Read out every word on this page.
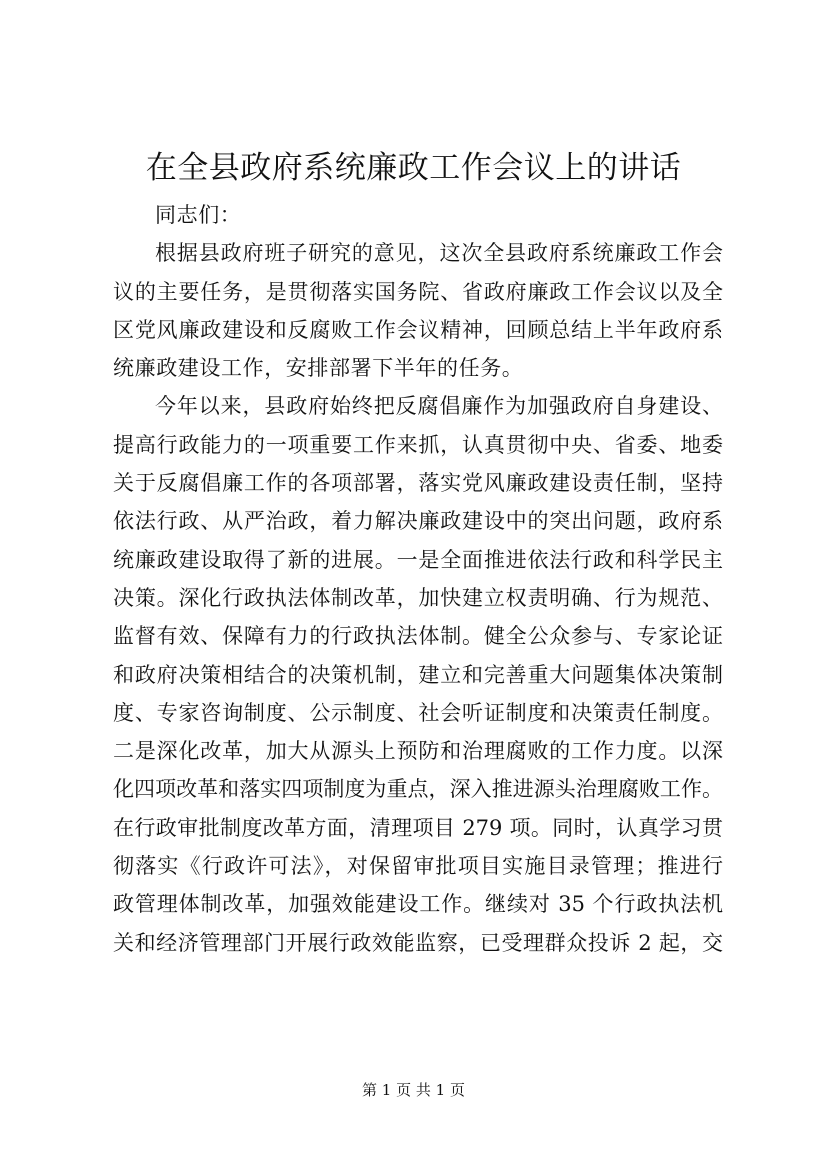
在全县政府系统廉政工作会议上的讲话
同志们：
根据县政府班子研究的意见，这次全县政府系统廉政工作会
议的主要任务，是贯彻落实国务院、省政府廉政工作会议以及全
区党风廉政建设和反腐败工作会议精神，回顾总结上半年政府系
统廉政建设工作，安排部署下半年的任务。
今年以来，县政府始终把反腐倡廉作为加强政府自身建设、
提高行政能力的一项重要工作来抓，认真贯彻中央、省委、地委
关于反腐倡廉工作的各项部署，落实党风廉政建设责任制，坚持
依法行政、从严治政，着力解决廉政建设中的突出问题，政府系
统廉政建设取得了新的进展。一是全面推进依法行政和科学民主
决策。深化行政执法体制改革，加快建立权责明确、行为规范、
监督有效、保障有力的行政执法体制。健全公众参与、专家论证
和政府决策相结合的决策机制，建立和完善重大问题集体决策制
度、专家咨询制度、公示制度、社会听证制度和决策责任制度。
二是深化改革，加大从源头上预防和治理腐败的工作力度。以深
化四项改革和落实四项制度为重点，深入推进源头治理腐败工作。
在行政审批制度改革方面，清理项目 279 项。同时，认真学习贯
彻落实《行政许可法》，对保留审批项目实施目录管理；推进行
政管理体制改革，加强效能建设工作。继续对 35 个行政执法机
关和经济管理部门开展行政效能监察，已受理群众投诉 2 起，交
第 1 页 共 1 页
